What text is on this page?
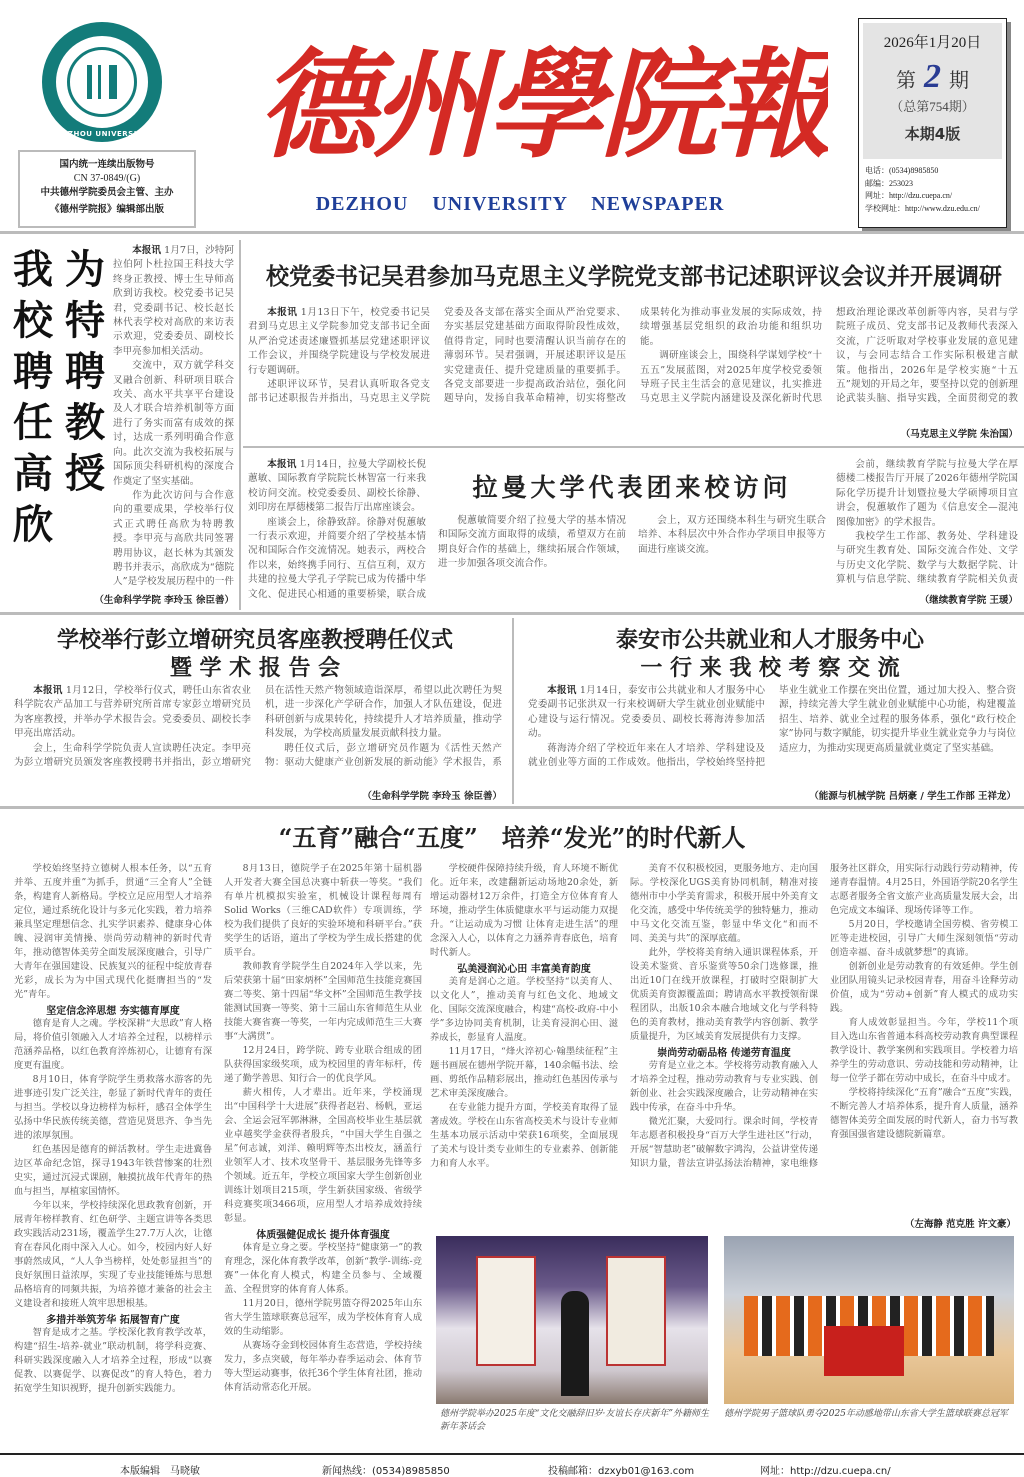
DEZHOU UNIVERSITY
国内统一连续出版物号
CN 37-0849/(G)
中共德州学院委员会主管、主办
《德州学院报》编辑部出版
德州學院報
DEZHOU UNIVERSITY NEWSPAPER
2026年1月20日
第 2 期
（总第754期）
本期4版
电话：(0534)8985850
邮编：253023
网址：http://dzu.cuepa.cn/
学校网址：http://www.dzu.edu.cn/
我校聘任高欣
为特聘教授

本报讯 1月7日，沙特阿拉伯阿卜杜拉国王科技大学终身正教授、博士生导师高欣到访我校。校党委书记吴君，党委副书记、校长赵长林代表学校对高欣的来访表示欢迎，党委委员、副校长李甲亮参加相关活动。

交流中，双方就学科交叉融合创新、科研项目联合攻关、高水平共享平台建设及人才联合培养机制等方面进行了务实而富有成效的探讨，达成一系列明确合作意向。此次交流为我校拓展与国际顶尖科研机构的深度合作奠定了坚实基础。

作为此次访问与合作意向的重要成果，学校举行仪式正式聘任高欣为特聘教授。李甲亮与高欣共同签署聘用协议，赵长林为其颁发聘书并表示，高欣成为“德院人”是学校发展历程中的一件

（生命科学学院 李玲玉 徐臣善）
校党委书记吴君参加马克思主义学院党支部书记述职评议会议并开展调研

本报讯 1月13日下午，校党委书记吴君到马克思主义学院参加党支部书记全面从严治党述责述廉暨抓基层党建述职评议工作会议，并围绕学院建设与学校发展进行专题调研。

述职评议环节，吴君认真听取各党支部书记述职报告并指出，马克思主义学院党委及各支部在落实全面从严治党要求、夯实基层党建基础方面取得阶段性成效，值得肯定，同时也要清醒认识当前存在的薄弱环节。吴君强调，开展述职评议是压实党建责任、提升党建质量的重要抓手。各党支部要进一步提高政治站位，强化问题导向，发扬自我革命精神，切实将整改成果转化为推动事业发展的实际成效，持续增强基层党组织的政治功能和组织功能。

调研座谈会上，围绕科学谋划学校“十五五”发展蓝图，对2025年度学校党委领导班子民主生活会的意见建议，扎实推进马克思主义学院内涵建设及深化新时代思想政治理论课改革创新等内容，吴君与学院班子成员、党支部书记及教师代表深入交流，广泛听取对学校事业发展的意见建议，与会同志结合工作实际积极建言献策。他指出，2026年是学校实施“十五五”规划的开局之年，要坚持以党的创新理论武装头脑、指导实践，全面贯彻党的教

（马克思主义学院 朱治国）

本报讯 1月14日，拉曼大学副校长倪蕙敏、国际教育学院院长林智富一行来我校访问交流。校党委委员、副校长徐静、刘印房在厚德楼第二报告厅出席座谈会。

座谈会上，徐静致辞。徐静对倪蕙敏一行表示欢迎，并简要介绍了学校基本情况和国际合作交流情况。她表示，两校合作以来，始终携手同行、互信互利，双方共建的拉曼大学孔子学院已成为传播中华文化、促进民心相通的重要桥梁，联合成

拉曼大学代表团来校访问

倪蕙敏简要介绍了拉曼大学的基本情况和国际交流方面取得的成绩，希望双方在前期良好合作的基础上，继续拓展合作领域，进一步加强各项交流合作。

会上，双方还围绕本科生与研究生联合培养、本科层次中外合作办学项目申报等方面进行座谈交流。

会前，继续教育学院与拉曼大学在厚德楼二楼报告厅开展了2026年德州学院国际化学历提升计划暨拉曼大学硕博项目宣讲会，倪蕙敏作了题为《信息安全—混沌图像加密》的学术报告。

我校学生工作部、教务处、学科建设与研究生教育处、国际交流合作处、文学与历史文化学院、数学与大数据学院、计算机与信息学院、继续教育学院相关负责

（继续教育学院 王瑗）
学校举行彭立增研究员客座教授聘任仪式
暨 学 术 报 告 会

本报讯 1月12日，学校举行仪式，聘任山东省农业科学院农产品加工与营养研究所首席专家彭立增研究员为客座教授，并举办学术报告会。党委委员、副校长李甲亮出席活动。

会上，生命科学学院负责人宣读聘任决定。李甲亮为彭立增研究员颁发客座教授聘书并指出，彭立增研究员在活性天然产物领域造诣深厚，希望以此次聘任为契机，进一步深化产学研合作，加强人才队伍建设，促进科研创新与成果转化，持续提升人才培养质量，推动学科发展，为学校高质量发展贡献科技力量。

聘任仪式后，彭立增研究员作题为《活性天然产物：驱动大健康产业创新发展的新动能》学术报告，系

（生命科学学院 李玲玉 徐臣善）
泰安市公共就业和人才服务中心
一 行 来 我 校 考 察 交 流

本报讯 1月14日，泰安市公共就业和人才服务中心党委副书记张洪双一行来校调研大学生就业创业赋能中心建设与运行情况。党委委员、副校长蒋海涛参加活动。

蒋海涛介绍了学校近年来在人才培养、学科建设及就业创业等方面的工作成效。他指出，学校始终坚持把毕业生就业工作摆在突出位置，通过加大投入、整合资源，持续完善大学生就业创业赋能中心功能，构建覆盖招生、培养、就业全过程的服务体系，强化“政行校企家”协同与数字赋能，切实提升毕业生就业竞争力与岗位适应力，为推动实现更高质量就业奠定了坚实基础。

（能源与机械学院 吕炳豪 / 学生工作部 王祥龙）
“五育”融合“五度”　培养“发光”的时代新人

学校始终坚持立德树人根本任务，以“五育并举、五度并重”为抓手，贯通“三全育人”全链条，构建育人新格局。学校立足应用型人才培养定位，通过系统化设计与多元化实践，着力培养兼具坚定理想信念、扎实学识素养、健康身心体魄、浸润审美情操、崇尚劳动精神的新时代青年，推动德智体美劳全面发展深度融合，引导广大青年在强国建设、民族复兴的征程中绽放青春光彩，成长为为中国式现代化挺膺担当的“发光”青年。

坚定信念淬思想 夯实德育厚度

德育是育人之魂。学校深耕“大思政”育人格局，将价值引领融入人才培养全过程，以榜样示范涵养品格，以红色教育淬炼初心，让德育有深度更有温度。

8月10日，体育学院学生勇救落水游客的先进事迹引发广泛关注，彰显了新时代青年的责任与担当。学校以身边榜样为标杆，感召全体学生弘扬中华民族传统美德，营造见贤思齐、争当先进的浓厚氛围。

红色基因是德育的鲜活教材。学生走进冀鲁边区革命纪念馆，探寻1943年铁营惨案的壮烈史实，通过沉浸式课剧，触摸抗战年代青年的热血与担当，厚植家国情怀。

今年以来，学校持续深化思政教育创新，开展青年榜样教育、红色研学、主题宣讲等各类思政实践活动231场，覆盖学生27.7万人次，让德育在春风化雨中深入人心。如今，校园内好人好事蔚然成风，“人人争当榜样，处处彰显担当”的良好氛围日益浓厚，实现了专业技能锤炼与思想品格培育的同频共振，为培养德才兼备的社会主义建设者和接班人筑牢思想根基。

多措并举筑芳华 拓展智育广度

智育是成才之基。学校深化教育教学改革，构建“招生-培养-就业”联动机制，将学科竞赛、科研实践深度融入人才培养全过程，形成“以赛促教、以赛促学、以赛促改”的育人特色，着力拓宽学生知识视野，提升创新实践能力。

8月13日，德院学子在2025年第十届机器人开发者大赛全国总决赛中斩获一等奖。“我们有单片机模拟实验室，机械设计课程每周有Solid Works（三维CAD软件）专项训练，学校为我们提供了良好的实验环境和科研平台。”获奖学生的话语，道出了学校为学生成长搭建的优质平台。

教师教育学院学生自2024年入学以来，先后荣获第十届“田家炳杯”全国师范生技能竞赛国赛二等奖、第十四届“华文杯”全国师范生教学技能测试国赛一等奖、第十三届山东省师范生从业技能大赛省赛一等奖，一年内完成师范生三大赛事“大满贯”。

12月24日，跨学院、跨专业联合组成的团队获得国家级奖项，成为校园里的青年标杆，传递了勤学善思、知行合一的优良学风。

薪火相传，人才辈出。近年来，学校涌现出“中国科学十大进展”获得者赵岩、杨帆，亚运会、全运会冠军郭淋淋，全国高校毕业生基层就业卓越奖学金获得者殷兵，“中国大学生自强之星”何志诚，刘洋、赖明辉等杰出校友，涵盖行业领军人才、技术攻坚骨干、基层服务先锋等多个领域。近五年，学校立项国家大学生创新创业训练计划项目215项，学生新获国家级、省级学科竞赛奖项3466项，应用型人才培养成效持续彰显。

体质强健促成长 提升体育强度

体育是立身之要。学校坚持“健康第一”的教育理念，深化体育教学改革，创新“教学-训练-竞赛”一体化育人模式，构建全员参与、全域覆盖、全程贯穿的体育育人体系。

11月20日，德州学院男篮夺得2025年山东省大学生篮球联赛总冠军，成为学校体育育人成效的生动缩影。

从赛场夺金到校园体育生态营造，学校持续发力，多点突破，每年举办春季运动会、体育节等大型运动赛事，依托36个学生体育社团，推动体育活动常态化开展。

学校硬件保障持续升级，育人环境不断优化。近年来，改建翻新运动场地20余处，新增运动器材12万余件，打造全方位体育育人环境，推动学生体质健康水平与运动能力双提升。“让运动成为习惯 让体育走进生活”的理念深入人心，以体育之力涵养青春底色，培育时代新人。

弘美浸润沁心田 丰富美育韵度

美育是润心之道。学校坚持“以美育人、以文化人”，推动美育与红色文化、地域文化、国际交流深度融合，构建“高校-政府-中小学”多边协同美育机制，让美育浸润心田、滋养成长，彰显育人温度。

11月17日，“烽火淬初心·翰墨续征程”主题书画展在德州学院开幕，140余幅书法、绘画、剪纸作品精彩展出，推动红色基因传承与艺术审美深度融合。

在专业能力提升方面，学校美育取得了显著成效。学校在山东省高校美术与设计专业师生基本功展示活动中荣获16项奖，全面展现了美术与设计类专业师生的专业素养、创新能力和育人水平。

美育不仅积极校园，更服务地方、走向国际。学校深化UGS美育协同机制，精准对接德州市中小学美育需求，积极开展中外美育文化交流，感受中华传统美学的独特魅力，推动中马文化交流互鉴，彰显中华文化“和而不同、美美与共”的深厚底蕴。

此外，学校将美育纳入通识课程体系，开设美术鉴赏、音乐鉴赏等50余门选修课，推出近10门在线开放课程，打破时空限制扩大优质美育资源覆盖面；聘请高水平教授领衔课程团队，出版10余本融合地域文化与学科特色的美育教材，推动美育教学内容创新、教学质量提升，为区域美育发展提供有力支撑。

崇尚劳动砺品格 传递劳育温度

劳育是立业之本。学校将劳动教育融入人才培养全过程，推动劳动教育与专业实践、创新创业、社会实践深度融合，让劳动精神在实践中传承，在奋斗中升华。

微光汇聚，大爱同行。课余时间，学校青年志愿者积极投身“百万大学生进社区”行动，开展“智慧助老”破解数字鸿沟，公益讲堂传递知识力量，普法宣讲弘扬法治精神，家电维修服务社区群众，用实际行动践行劳动精神，传递青春温情。4月25日，外国语学院20名学生志愿者服务全省文旅产业高质量发展大会，出色完成文本编译、现场传译等工作。

5月20日，学校邀请全国劳模、省劳模工匠等走进校园，引导广大师生深刻领悟“劳动创造幸福、奋斗成就梦想”的真谛。

创新创业是劳动教育的有效延伸。学生创业团队用镜头记录校园青春，用奋斗诠释劳动价值，成为“劳动+创新”育人模式的成功实践。

育人成效彰显担当。今年，学校11个项目入选山东省普通本科高校劳动教育典型课程教学设计、教学案例和实践项目。学校着力培养学生的劳动意识、劳动技能和劳动精神，让每一位学子都在劳动中成长，在奋斗中成才。

学校将持续深化“五育”融合“五度”实践，不断完善人才培养体系，提升育人质量，涵养德智体美劳全面发展的时代新人，奋力书写教育强国强省建设德院新篇章。

（左海静 范克胜 许文豪）
德州学院举办2025年度“文化交融辞旧岁·友谊长存庆新年”外籍师生新年茶话会
德州学院男子篮球队勇夺2025年动感地带山东省大学生篮球联赛总冠军
本版编辑　马晓敏	新闻热线：(0534)8985850	投稿邮箱：dzxyb01@163.com	网址：http://dzu.cuepa.cn/
